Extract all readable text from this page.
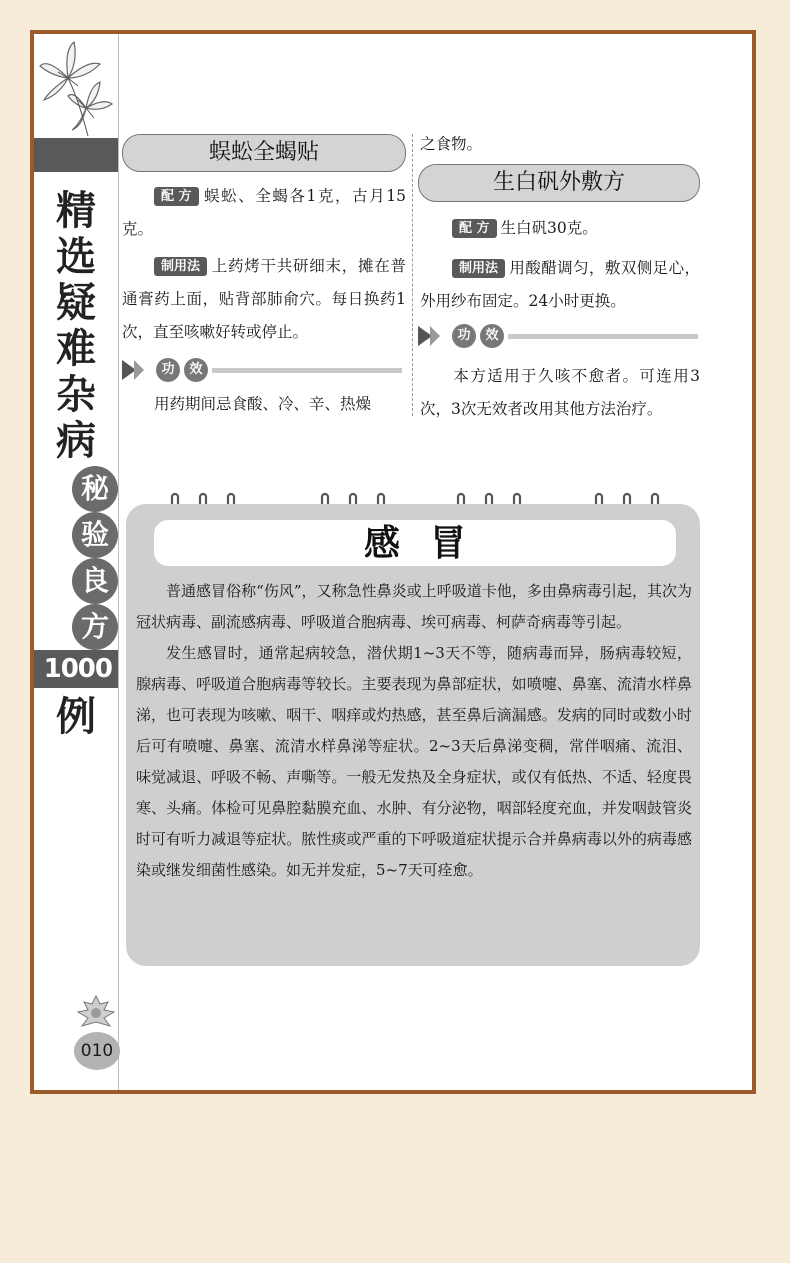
精
选
疑
难
杂
病
秘
验
良
方
1000
例
010
蜈蚣全蝎贴
配 方 蜈蚣、全蝎各1克，古月15克。
制用法 上药烤干共研细末，摊在普通膏药上面，贴背部肺俞穴。每日换药1次，直至咳嗽好转或停止。
功	效
用药期间忌食酸、冷、辛、热燥
之食物。
生白矾外敷方
配 方 生白矾30克。
制用法 用酸醋调匀，敷双侧足心，外用纱布固定。24小时更换。
功	效
本方适用于久咳不愈者。可连用3次，3次无效者改用其他方法治疗。
感冒

普通感冒俗称“伤风”，又称急性鼻炎或上呼吸道卡他，多由鼻病毒引起，其次为冠状病毒、副流感病毒、呼吸道合胞病毒、埃可病毒、柯萨奇病毒等引起。

发生感冒时，通常起病较急，潜伏期1~3天不等，随病毒而异，肠病毒较短，腺病毒、呼吸道合胞病毒等较长。主要表现为鼻部症状，如喷嚏、鼻塞、流清水样鼻涕，也可表现为咳嗽、咽干、咽痒或灼热感，甚至鼻后滴漏感。发病的同时或数小时后可有喷嚏、鼻塞、流清水样鼻涕等症状。2~3天后鼻涕变稠，常伴咽痛、流泪、味觉减退、呼吸不畅、声嘶等。一般无发热及全身症状，或仅有低热、不适、轻度畏寒、头痛。体检可见鼻腔黏膜充血、水肿、有分泌物，咽部轻度充血，并发咽鼓管炎时可有听力减退等症状。脓性痰或严重的下呼吸道症状提示合并鼻病毒以外的病毒感染或继发细菌性感染。如无并发症，5~7天可痊愈。
